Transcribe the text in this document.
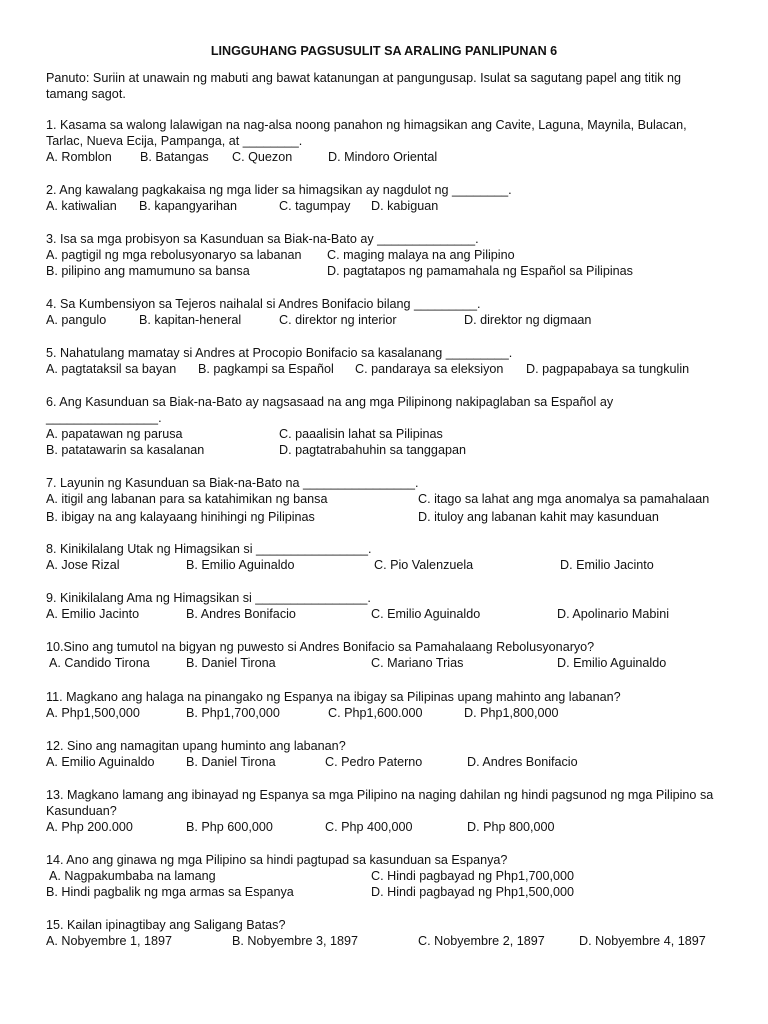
LINGGUHANG PAGSUSULIT SA ARALING PANLIPUNAN 6
Panuto: Suriin at unawain ng mabuti ang bawat katanungan at pangungusap. Isulat sa sagutang papel ang titik ng tamang sagot.
1. Kasama sa walong lalawigan na nag-alsa noong panahon ng himagsikan ang Cavite, Laguna, Maynila, Bulacan, Tarlac, Nueva Ecija, Pampanga, at ________.
A. Romblon B. Batangas C. Quezon	D. Mindoro Oriental
2. Ang kawalang pagkakaisa ng mga lider sa himagsikan ay nagdulot ng ________.
A. katiwalian B. kapangyarihan	C. tagumpay D. kabiguan
3. Isa sa mga probisyon sa Kasunduan sa Biak-na-Bato ay ______________.
A. pagtigil ng mga rebolusyonaryo sa labanan C. maging malaya na ang Pilipino
B. pilipino ang mamumuno sa bansa	D. pagtatapos ng pamamahala ng Español sa Pilipinas
4. Sa Kumbensiyon sa Tejeros naihalal si Andres Bonifacio bilang _________.
A. pangulo	B. kapitan-heneral	C. direktor ng interior	D. direktor ng digmaan
5. Nahatulang mamatay si Andres at Procopio Bonifacio sa kasalanang _________.
A. pagtataksil sa bayan B. pagkampi sa Español C. pandaraya sa eleksiyon D. pagpapabaya sa tungkulin
6. Ang Kasunduan sa Biak-na-Bato ay nagsasaad na ang mga Pilipinong nakipaglaban sa Español ay ________________.
A. papatawan ng parusa	C. paaalisin lahat sa Pilipinas
B. patatawarin sa kasalanan	D. pagtatrabahuhin sa tanggapan
7. Layunin ng Kasunduan sa Biak-na-Bato na ________________.
A. itigil ang labanan para sa katahimikan ng bansa	C. itago sa lahat ang mga anomalya sa pamahalaan
B. ibigay na ang kalayaang hinihingi ng Pilipinas	D. ituloy ang labanan kahit may kasunduan
8. Kinikilalang Utak ng Himagsikan si ________________.
A. Jose Rizal	B. Emilio Aguinaldo	C. Pio Valenzuela	D. Emilio Jacinto
9. Kinikilalang Ama ng Himagsikan si ________________.
A. Emilio Jacinto	B. Andres Bonifacio	C. Emilio Aguinaldo	D. Apolinario Mabini
10.Sino ang tumutol na bigyan ng puwesto si Andres Bonifacio sa Pamahalaang Rebolusyonaryo?
A. Candido Tirona	B. Daniel Tirona	C. Mariano Trias	D. Emilio Aguinaldo
11. Magkano ang halaga na pinangako ng Espanya na ibigay sa Pilipinas upang mahinto ang labanan?
A. Php1,500,000	B. Php1,700,000	C. Php1,600.000	D. Php1,800,000
12. Sino ang namagitan upang huminto ang labanan?
A. Emilio Aguinaldo B. Daniel Tirona	C. Pedro Paterno	D. Andres Bonifacio
13. Magkano lamang ang ibinayad ng Espanya sa mga Pilipino na naging dahilan ng hindi pagsunod ng mga Pilipino sa Kasunduan?
A. Php 200.000	B. Php 600,000	C. Php 400,000	D. Php 800,000
14. Ano ang ginawa ng mga Pilipino sa hindi pagtupad sa kasunduan sa Espanya?
A. Nagpakumbaba na lamang	C. Hindi pagbayad ng Php1,700,000
B. Hindi pagbalik ng mga armas sa Espanya	D. Hindi pagbayad ng Php1,500,000
15. Kailan ipinagtibay ang Saligang Batas?
A. Nobyembre 1, 1897	B. Nobyembre 3, 1897	C. Nobyembre 2, 1897	D. Nobyembre 4, 1897
